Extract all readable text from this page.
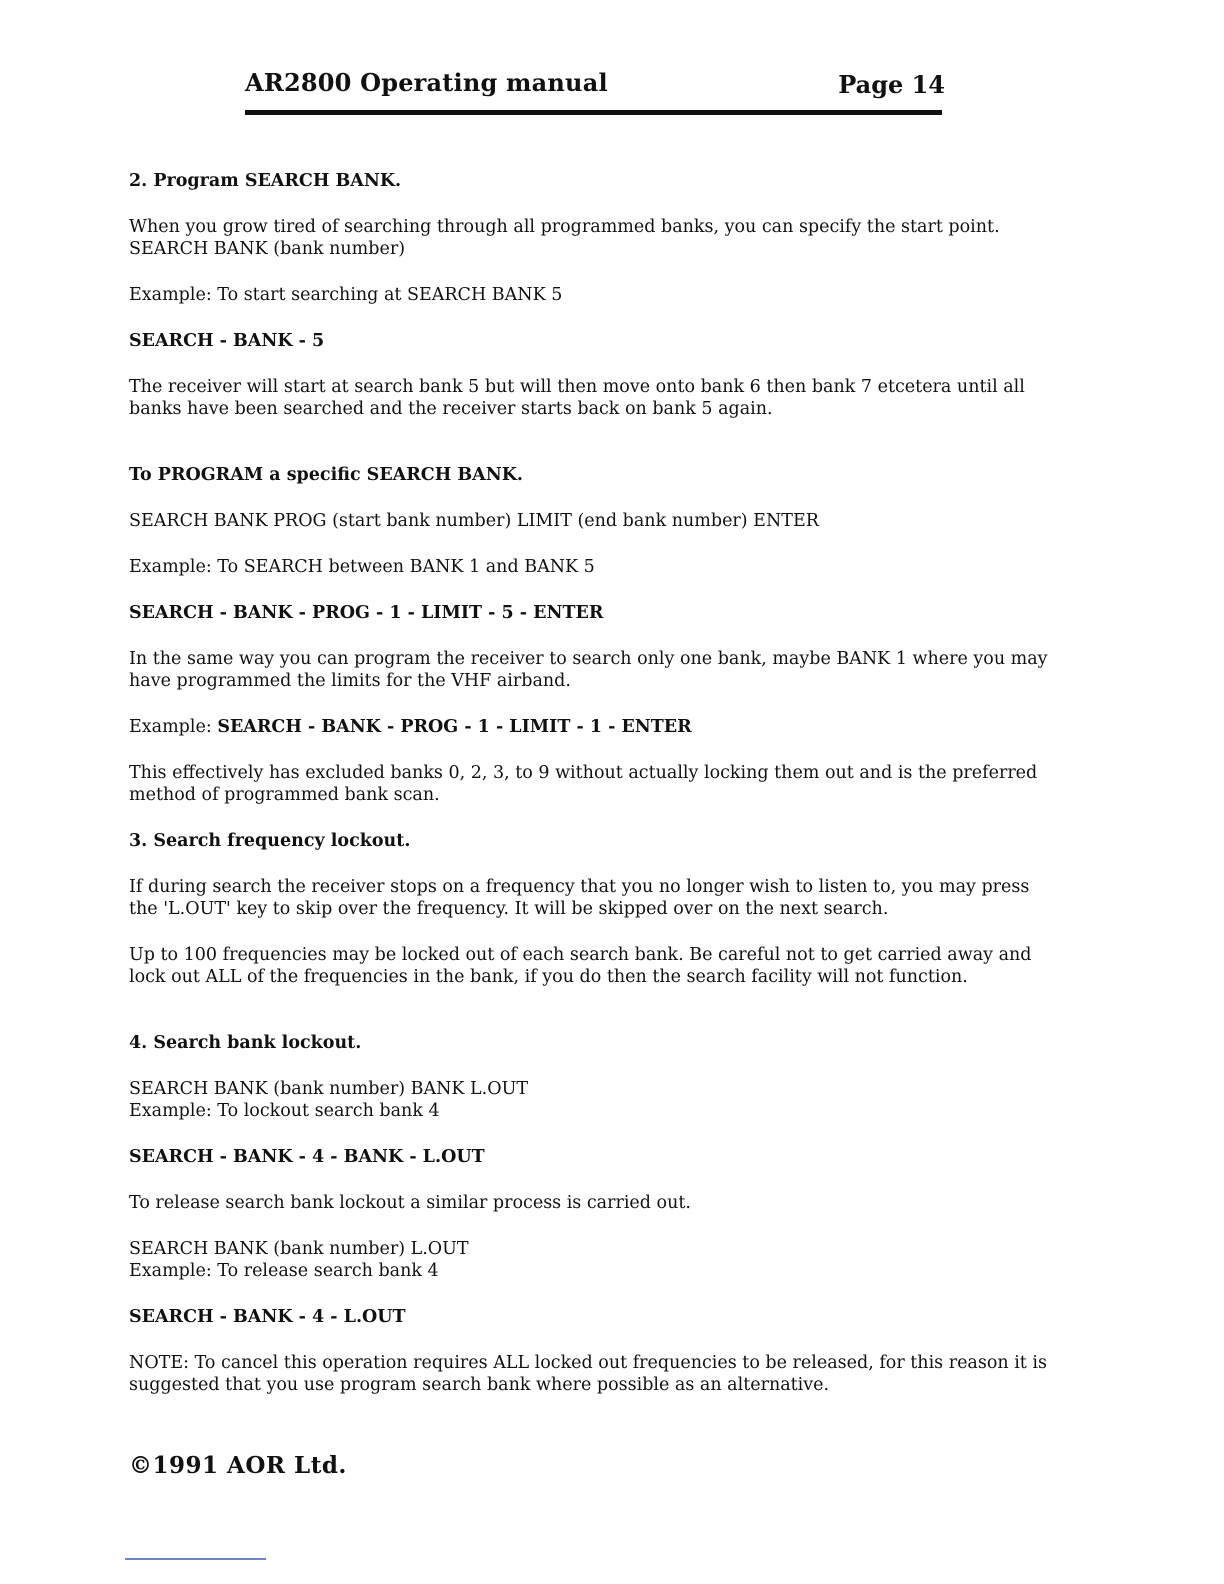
AR2800 Operating manual	Page 14

2. Program SEARCH BANK.

When you grow tired of searching through all programmed banks, you can specify the start point.

SEARCH BANK (bank number)

Example: To start searching at SEARCH BANK 5

SEARCH - BANK - 5

The receiver will start at search bank 5 but will then move onto bank 6 then bank 7 etcetera until all banks have been searched and the receiver starts back on bank 5 again.

To PROGRAM a specific SEARCH BANK.

SEARCH BANK PROG (start bank number) LIMIT (end bank number) ENTER

Example: To SEARCH between BANK 1 and BANK 5

SEARCH - BANK - PROG - 1 - LIMIT - 5 - ENTER

In the same way you can program the receiver to search only one bank, maybe BANK 1 where you may have programmed the limits for the VHF airband.

Example: SEARCH - BANK - PROG - 1 - LIMIT - 1 - ENTER

This effectively has excluded banks 0, 2, 3, to 9 without actually locking them out and is the preferred method of programmed bank scan.

3. Search frequency lockout.

If during search the receiver stops on a frequency that you no longer wish to listen to, you may press the 'L.OUT' key to skip over the frequency. It will be skipped over on the next search.

Up to 100 frequencies may be locked out of each search bank. Be careful not to get carried away and lock out ALL of the frequencies in the bank, if you do then the search facility will not function.

4. Search bank lockout.

SEARCH BANK (bank number) BANK L.OUT

Example: To lockout search bank 4

SEARCH - BANK - 4 - BANK - L.OUT

To release search bank lockout a similar process is carried out.

SEARCH BANK (bank number) L.OUT

Example: To release search bank 4

SEARCH - BANK - 4 - L.OUT

NOTE: To cancel this operation requires ALL locked out frequencies to be released, for this reason it is suggested that you use program search bank where possible as an alternative.

©1991 AOR Ltd.
